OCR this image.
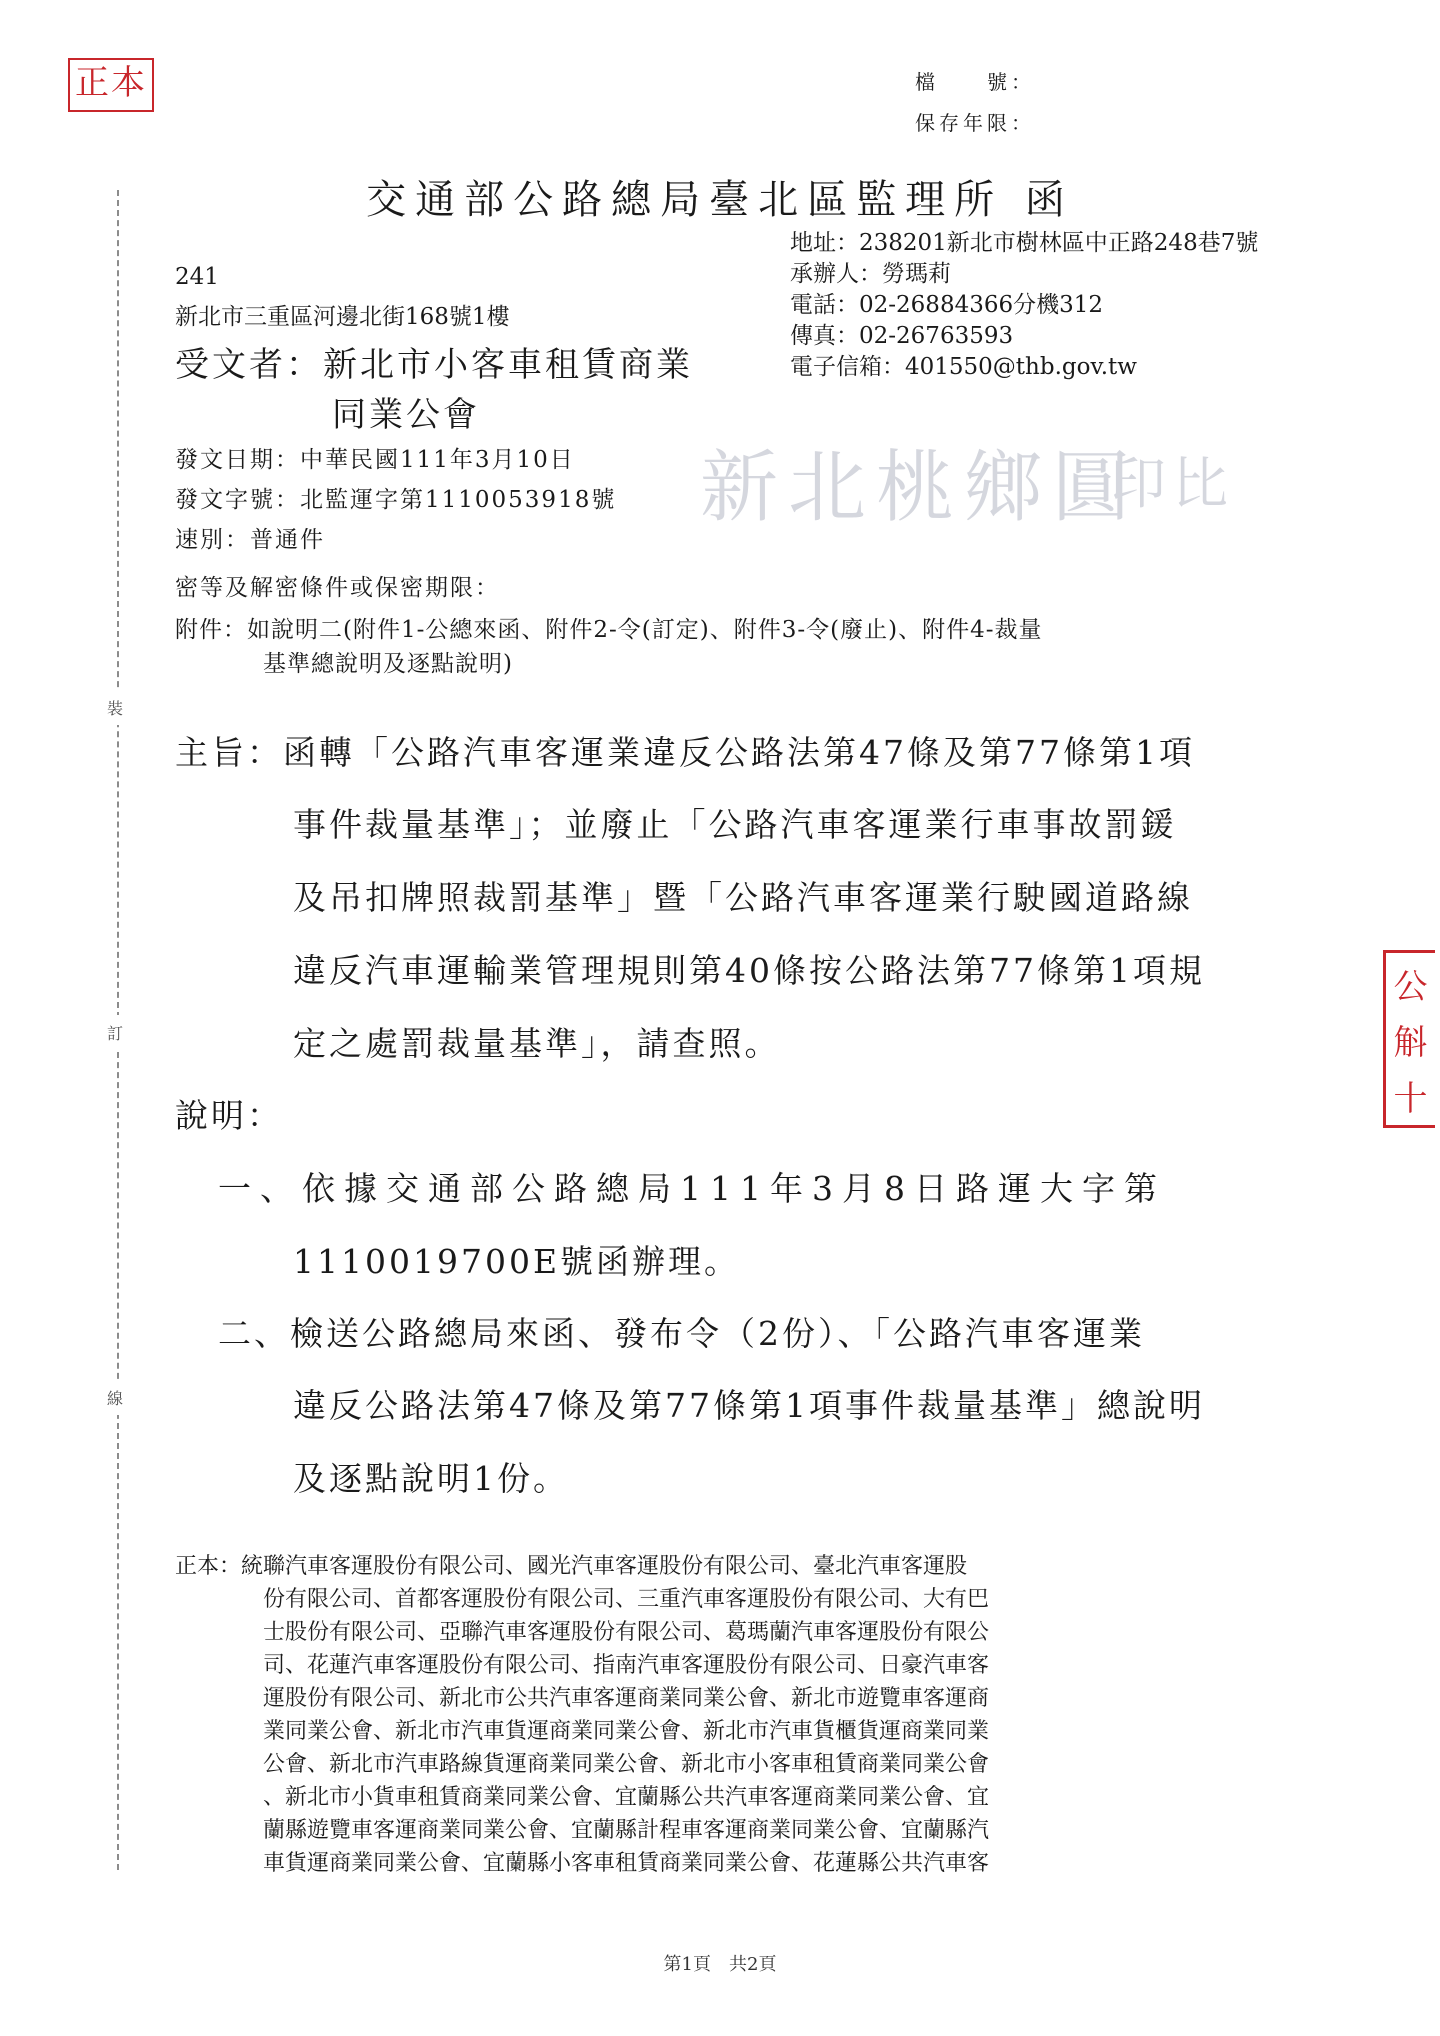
正本	檔　　號：
保存年限：
裝
訂
線
交通部公路總局臺北區監理所 函
地址：238201新北市樹林區中正路248巷7號
承辦人：勞瑪莉
電話：02-26884366分機312
傳真：02-26763593
電子信箱：401550@thb.gov.tw
241
新北市三重區河邊北街168號1樓
受文者：新北市小客車租賃商業
同業公會
新北桃鄉圓
印比
發文日期：中華民國111年3月10日
發文字號：北監運字第1110053918號
速別：普通件
密等及解密條件或保密期限：
附件：如說明二(附件1-公總來函、附件2-令(訂定)、附件3-令(廢止)、附件4-裁量
基準總說明及逐點說明)
主旨：函轉「公路汽車客運業違反公路法第47條及第77條第1項
事件裁量基準」；並廢止「公路汽車客運業行車事故罰鍰
及吊扣牌照裁罰基準」暨「公路汽車客運業行駛國道路線
違反汽車運輸業管理規則第40條按公路法第77條第1項規
定之處罰裁量基準」，請查照。
說明：
一、依據交通部公路總局111年3月8日路運大字第
1110019700E號函辦理。
二、檢送公路總局來函、發布令（2份）、「公路汽車客運業
違反公路法第47條及第77條第1項事件裁量基準」總說明
及逐點說明1份。
正本：統聯汽車客運股份有限公司、國光汽車客運股份有限公司、臺北汽車客運股
份有限公司、首都客運股份有限公司、三重汽車客運股份有限公司、大有巴
士股份有限公司、亞聯汽車客運股份有限公司、葛瑪蘭汽車客運股份有限公
司、花蓮汽車客運股份有限公司、指南汽車客運股份有限公司、日豪汽車客
運股份有限公司、新北市公共汽車客運商業同業公會、新北市遊覽車客運商
業同業公會、新北市汽車貨運商業同業公會、新北市汽車貨櫃貨運商業同業
公會、新北市汽車路線貨運商業同業公會、新北市小客車租賃商業同業公會
、新北市小貨車租賃商業同業公會、宜蘭縣公共汽車客運商業同業公會、宜
蘭縣遊覽車客運商業同業公會、宜蘭縣計程車客運商業同業公會、宜蘭縣汽
車貨運商業同業公會、宜蘭縣小客車租賃商業同業公會、花蓮縣公共汽車客
公
斛
十
第1頁　共2頁
